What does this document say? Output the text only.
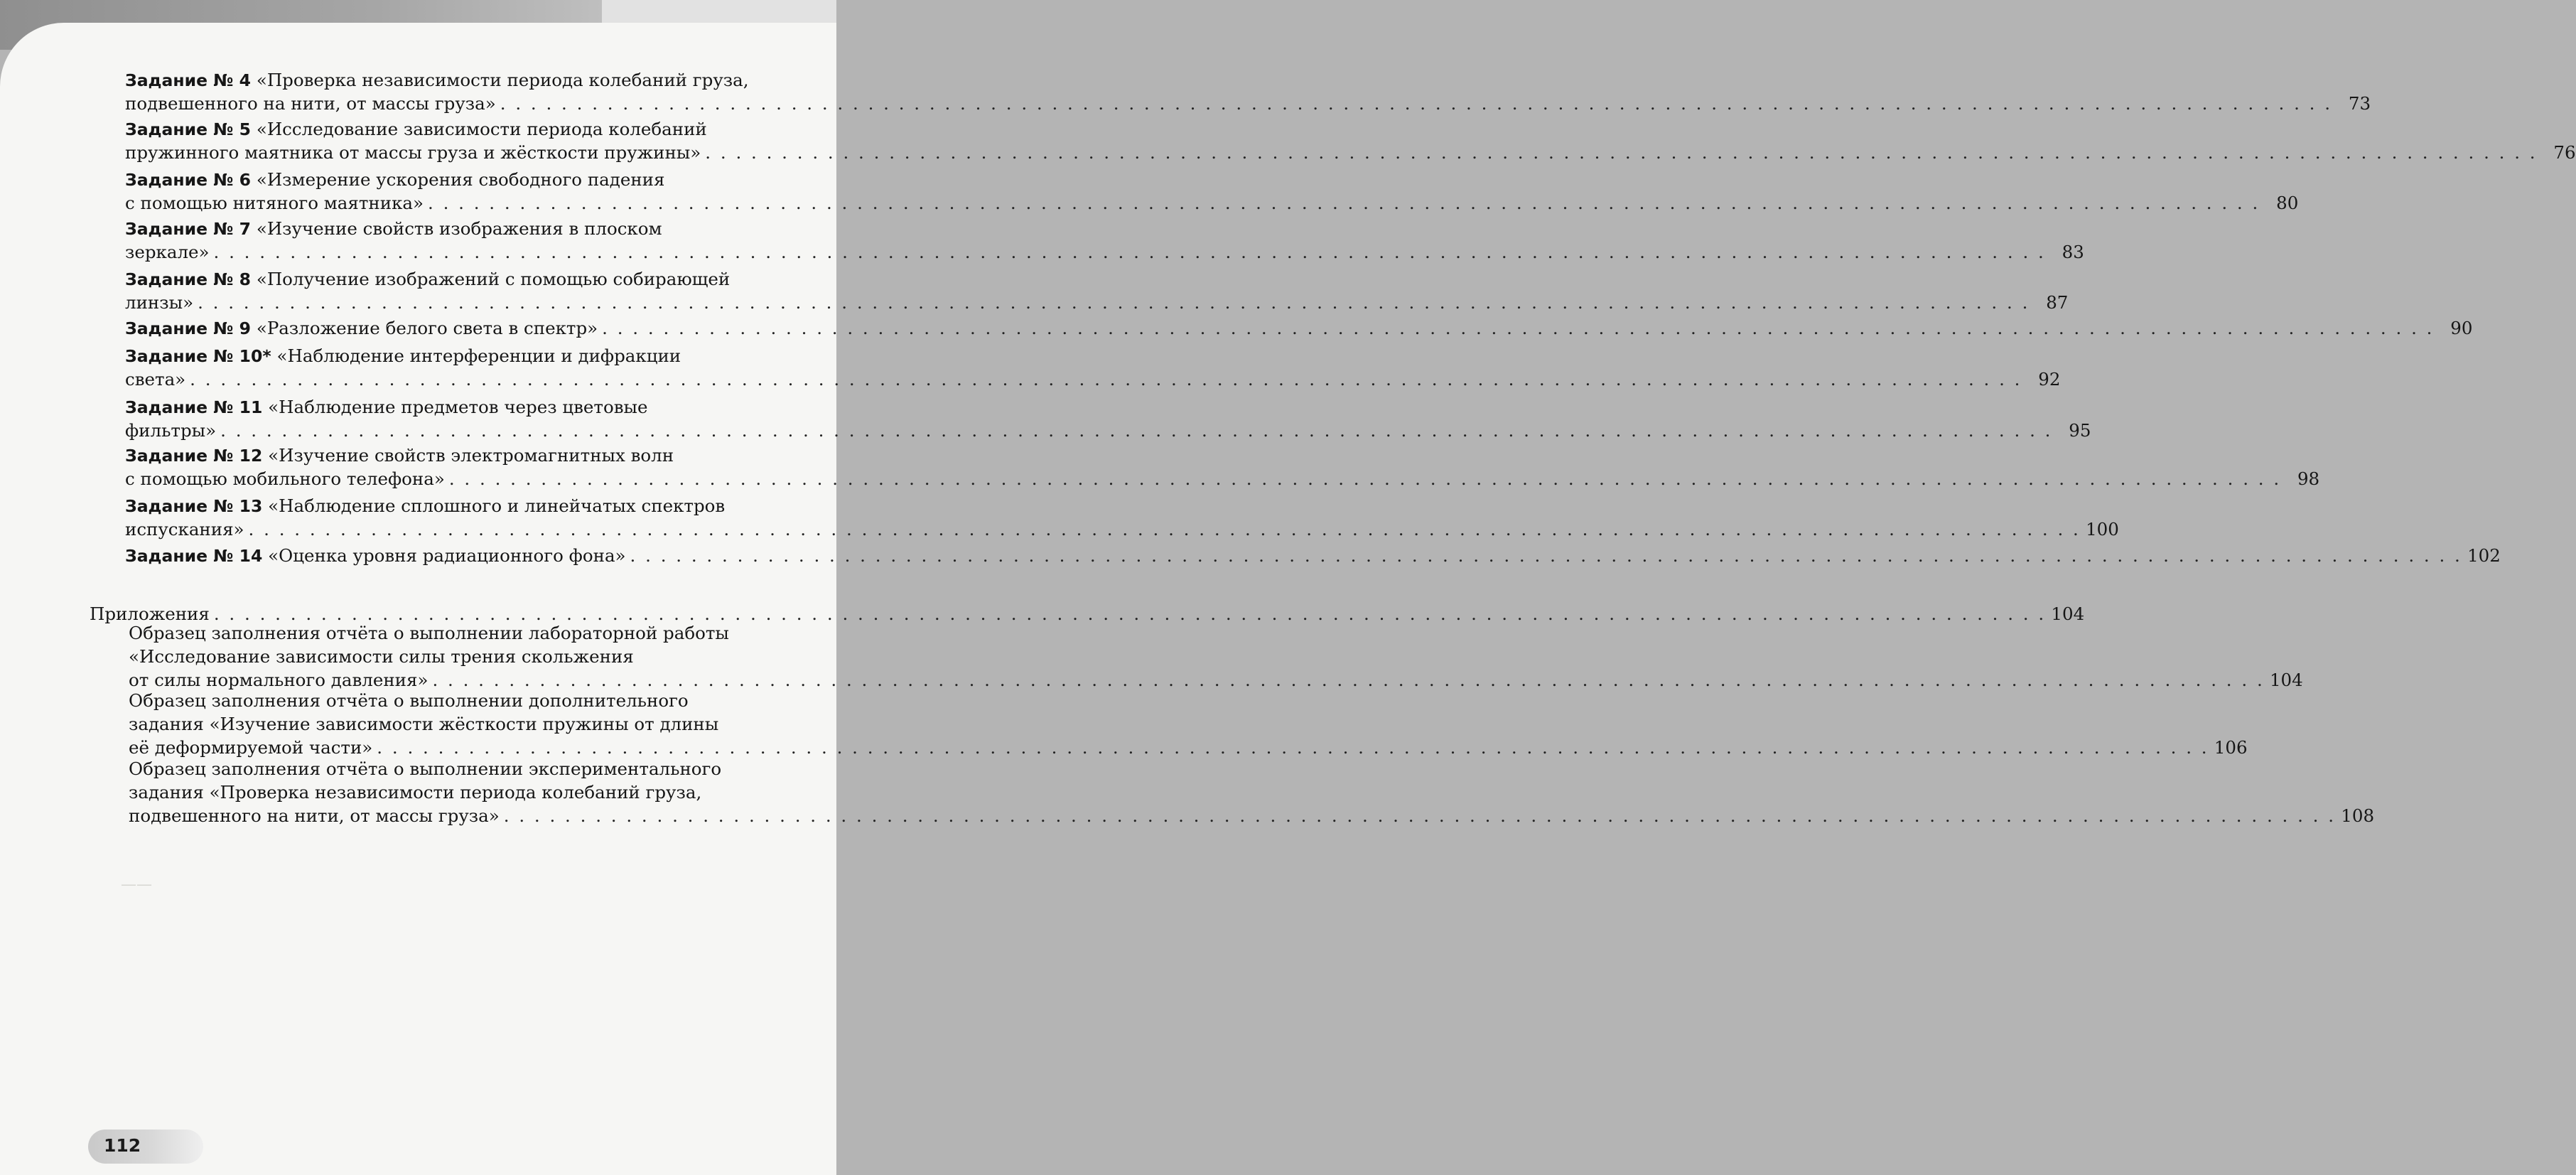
——
Задание № 4 «Проверка независимости периода колебаний груза,
подвешенного на нити, от массы груза» . . . . . . . . . . . . . . . . . . . . . . . . . . . . . . . . . . . . . . . . . . . . . . . . . . . . . . . . . . . . . . . . . . . . . . . . . . . . . . . . . . . . . . . . . . . . . . . . . . . . . . . . . . . . . . . . . . . . . . . . 73
Задание № 5 «Исследование зависимости периода колебаний
пружинного маятника от массы груза и жёсткости пружины» . . . . . . . . . . . . . . . . . . . . . . . . . . . . . . . . . . . . . . . . . . . . . . . . . . . . . . . . . . . . . . . . . . . . . . . . . . . . . . . . . . . . . . . . . . . . . . . . . . . . . . . . . . . . . . . . . . . . . . . . 76
Задание № 6 «Измерение ускорения свободного падения
с помощью нитяного маятника» . . . . . . . . . . . . . . . . . . . . . . . . . . . . . . . . . . . . . . . . . . . . . . . . . . . . . . . . . . . . . . . . . . . . . . . . . . . . . . . . . . . . . . . . . . . . . . . . . . . . . . . . . . . . . . . . . . . . . . . . 80
Задание № 7 «Изучение свойств изображения в плоском
зеркале» . . . . . . . . . . . . . . . . . . . . . . . . . . . . . . . . . . . . . . . . . . . . . . . . . . . . . . . . . . . . . . . . . . . . . . . . . . . . . . . . . . . . . . . . . . . . . . . . . . . . . . . . . . . . . . . . . . . . . . . . 83
Задание № 8 «Получение изображений с помощью собирающей
линзы» . . . . . . . . . . . . . . . . . . . . . . . . . . . . . . . . . . . . . . . . . . . . . . . . . . . . . . . . . . . . . . . . . . . . . . . . . . . . . . . . . . . . . . . . . . . . . . . . . . . . . . . . . . . . . . . . . . . . . . . . 87
Задание № 9 «Разложение белого света в спектр» . . . . . . . . . . . . . . . . . . . . . . . . . . . . . . . . . . . . . . . . . . . . . . . . . . . . . . . . . . . . . . . . . . . . . . . . . . . . . . . . . . . . . . . . . . . . . . . . . . . . . . . . . . . . . . . . . . . . . . . . 90
Задание № 10* «Наблюдение интерференции и дифракции
света» . . . . . . . . . . . . . . . . . . . . . . . . . . . . . . . . . . . . . . . . . . . . . . . . . . . . . . . . . . . . . . . . . . . . . . . . . . . . . . . . . . . . . . . . . . . . . . . . . . . . . . . . . . . . . . . . . . . . . . . . 92
Задание № 11 «Наблюдение предметов через цветовые
фильтры» . . . . . . . . . . . . . . . . . . . . . . . . . . . . . . . . . . . . . . . . . . . . . . . . . . . . . . . . . . . . . . . . . . . . . . . . . . . . . . . . . . . . . . . . . . . . . . . . . . . . . . . . . . . . . . . . . . . . . . . . 95
Задание № 12 «Изучение свойств электромагнитных волн
с помощью мобильного телефона» . . . . . . . . . . . . . . . . . . . . . . . . . . . . . . . . . . . . . . . . . . . . . . . . . . . . . . . . . . . . . . . . . . . . . . . . . . . . . . . . . . . . . . . . . . . . . . . . . . . . . . . . . . . . . . . . . . . . . . . . 98
Задание № 13 «Наблюдение сплошного и линейчатых спектров
испускания» . . . . . . . . . . . . . . . . . . . . . . . . . . . . . . . . . . . . . . . . . . . . . . . . . . . . . . . . . . . . . . . . . . . . . . . . . . . . . . . . . . . . . . . . . . . . . . . . . . . . . . . . . . . . . . . . . . . . . . . . 100
Задание № 14 «Оценка уровня радиационного фона» . . . . . . . . . . . . . . . . . . . . . . . . . . . . . . . . . . . . . . . . . . . . . . . . . . . . . . . . . . . . . . . . . . . . . . . . . . . . . . . . . . . . . . . . . . . . . . . . . . . . . . . . . . . . . . . . . . . . . . . . 102
Приложения . . . . . . . . . . . . . . . . . . . . . . . . . . . . . . . . . . . . . . . . . . . . . . . . . . . . . . . . . . . . . . . . . . . . . . . . . . . . . . . . . . . . . . . . . . . . . . . . . . . . . . . . . . . . . . . . . . . . . . . . 104
Образец заполнения отчёта о выполнении лабораторной работы
«Исследование зависимости силы трения скольжения
от силы нормального давления» . . . . . . . . . . . . . . . . . . . . . . . . . . . . . . . . . . . . . . . . . . . . . . . . . . . . . . . . . . . . . . . . . . . . . . . . . . . . . . . . . . . . . . . . . . . . . . . . . . . . . . . . . . . . . . . . . . . . . . . . 104
Образец заполнения отчёта о выполнении дополнительного
задания «Изучение зависимости жёсткости пружины от длины
её деформируемой части» . . . . . . . . . . . . . . . . . . . . . . . . . . . . . . . . . . . . . . . . . . . . . . . . . . . . . . . . . . . . . . . . . . . . . . . . . . . . . . . . . . . . . . . . . . . . . . . . . . . . . . . . . . . . . . . . . . . . . . . . 106
Образец заполнения отчёта о выполнении экспериментального
задания «Проверка независимости периода колебаний груза,
подвешенного на нити, от массы груза» . . . . . . . . . . . . . . . . . . . . . . . . . . . . . . . . . . . . . . . . . . . . . . . . . . . . . . . . . . . . . . . . . . . . . . . . . . . . . . . . . . . . . . . . . . . . . . . . . . . . . . . . . . . . . . . . . . . . . . . . 108
112
